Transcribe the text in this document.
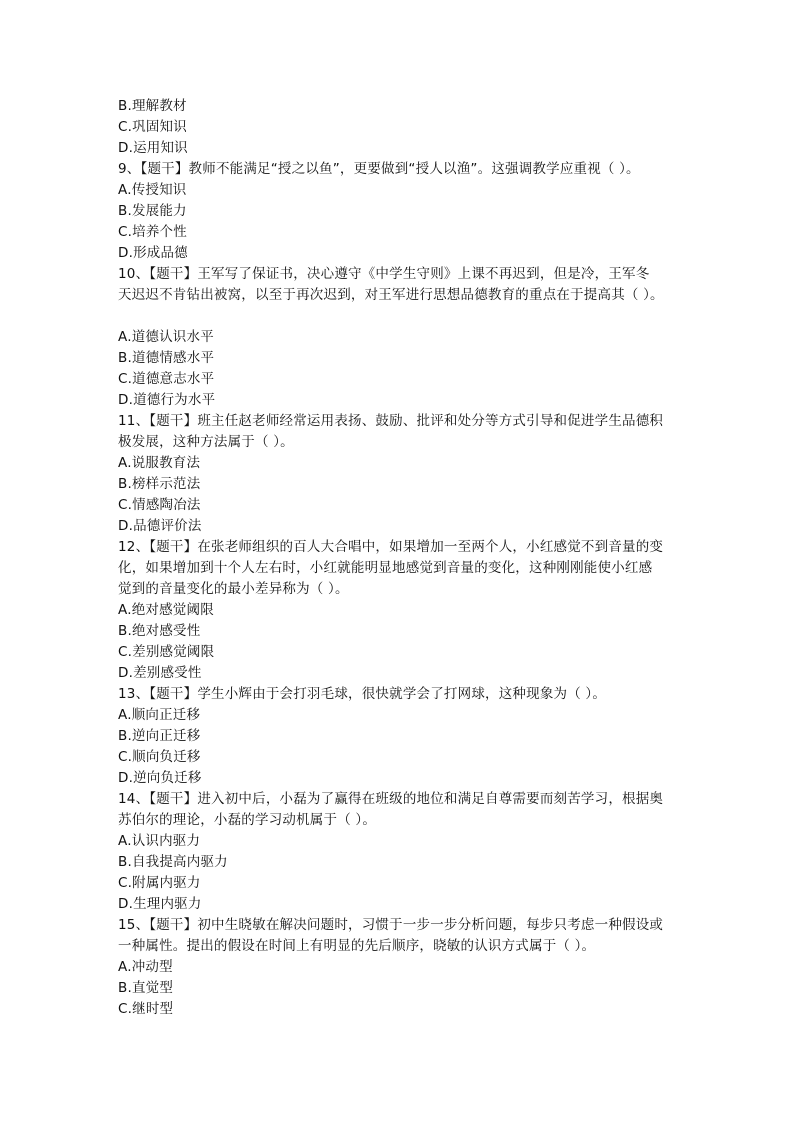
B.理解教材
C.巩固知识
D.运用知识
9、【题干】教师不能满足“授之以鱼”，更要做到“授人以渔”。这强调教学应重视（ ）。
A.传授知识
B.发展能力
C.培养个性
D.形成品德
10、【题干】王军写了保证书，决心遵守《中学生守则》上课不再迟到，但是冷，王军冬
天迟迟不肯钻出被窝，以至于再次迟到，对王军进行思想品德教育的重点在于提高其（ ）。
A.道德认识水平
B.道德情感水平
C.道德意志水平
D.道德行为水平
11、【题干】班主任赵老师经常运用表扬、鼓励、批评和处分等方式引导和促进学生品德积
极发展，这种方法属于（ ）。
A.说服教育法
B.榜样示范法
C.情感陶冶法
D.品德评价法
12、【题干】在张老师组织的百人大合唱中，如果增加一至两个人，小红感觉不到音量的变
化，如果增加到十个人左右时，小红就能明显地感觉到音量的变化，这种刚刚能使小红感
觉到的音量变化的最小差异称为（ ）。
A.绝对感觉阈限
B.绝对感受性
C.差别感觉阈限
D.差别感受性
13、【题干】学生小辉由于会打羽毛球，很快就学会了打网球，这种现象为（ ）。
A.顺向正迁移
B.逆向正迁移
C.顺向负迁移
D.逆向负迁移
14、【题干】进入初中后，小磊为了赢得在班级的地位和满足自尊需要而刻苦学习，根据奥
苏伯尔的理论，小磊的学习动机属于（ ）。
A.认识内驱力
B.自我提高内驱力
C.附属内驱力
D.生理内驱力
15、【题干】初中生晓敏在解决问题时，习惯于一步一步分析问题，每步只考虑一种假设或
一种属性。提出的假设在时间上有明显的先后顺序，晓敏的认识方式属于（ ）。
A.冲动型
B.直觉型
C.继时型
